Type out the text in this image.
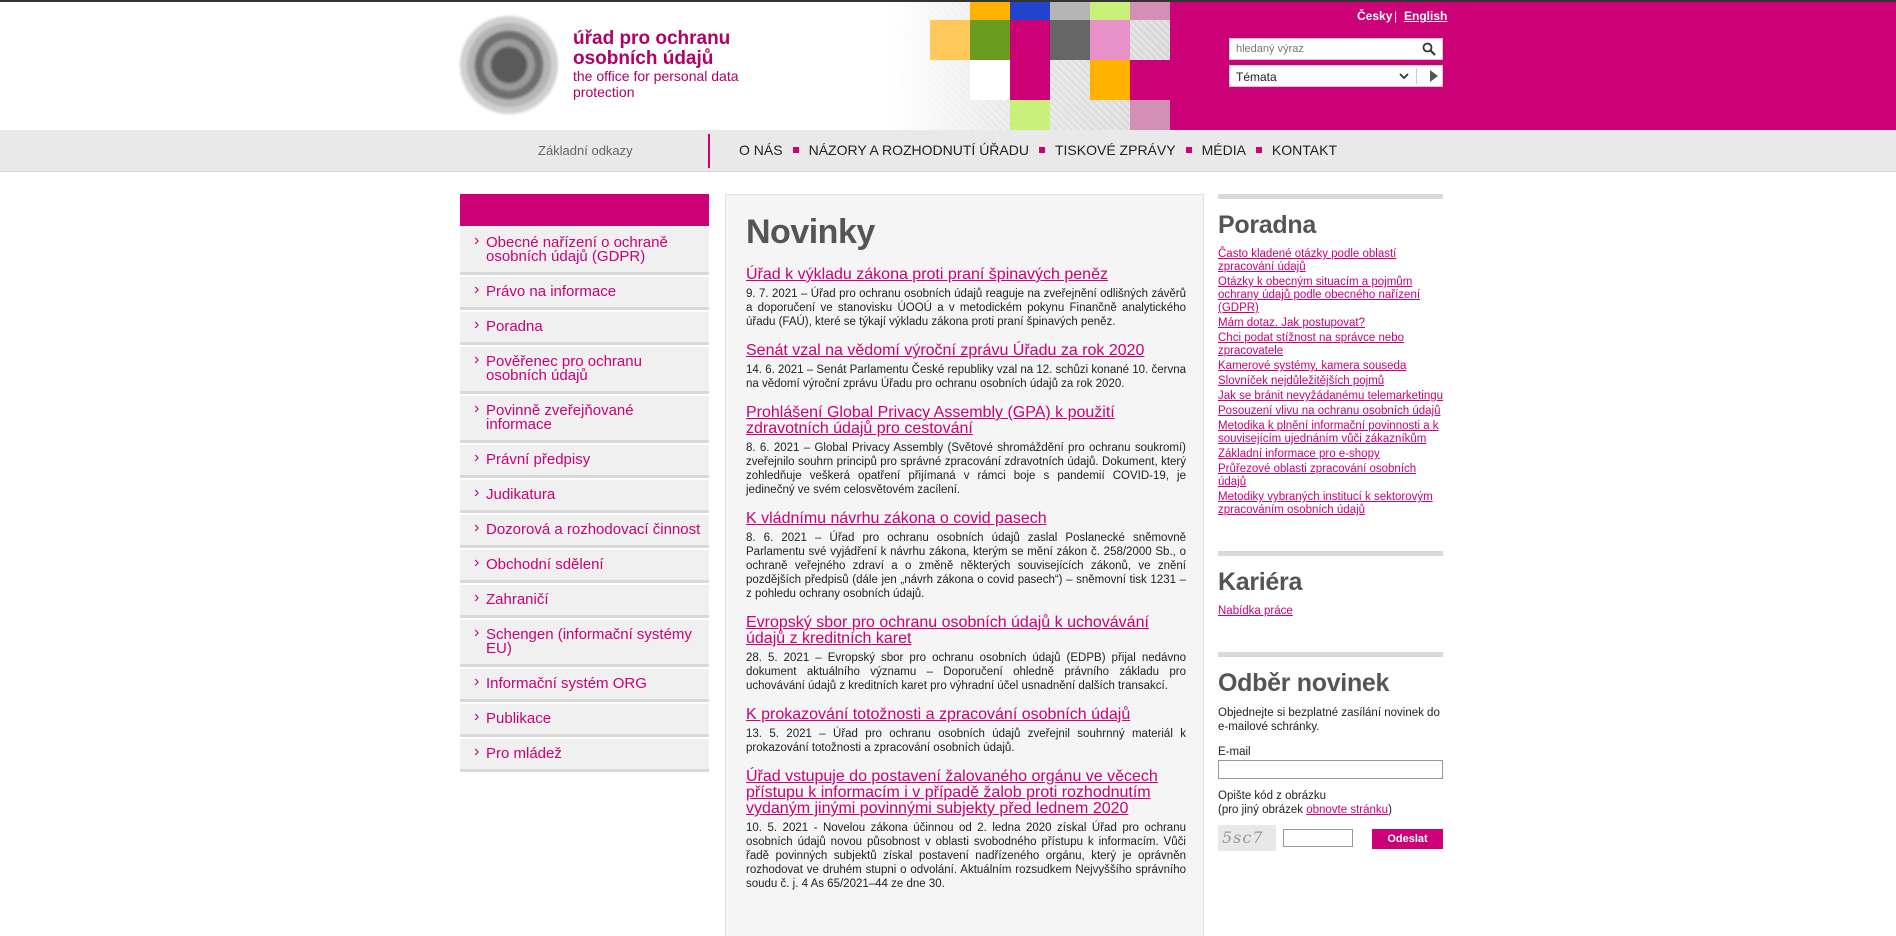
úřad pro ochranu osobních údajů
the office for personal data protection
Česky | English
hledaný výraz
Témata
Základní odkazy	O NÁS NÁZORY A ROZHODNUTÍ ÚŘADU TISKOVÉ ZPRÁVY MÉDIA KONTAKT
› Obecné nařízení o ochraně osobních údajů (GDPR)
› Právo na informace
› Poradna
› Pověřenec pro ochranu osobních údajů
› Povinně zveřejňované informace
› Právní předpisy
› Judikatura
› Dozorová a rozhodovací činnost
› Obchodní sdělení
› Zahraničí
› Schengen (informační systémy EU)
› Informační systém ORG
› Publikace
› Pro mládež
Novinky
Úřad k výkladu zákona proti praní špinavých peněz
9. 7. 2021 – Úřad pro ochranu osobních údajů reaguje na zveřejnění odlišných závěrů a doporučení ve stanovisku ÚOOÚ a v metodickém pokynu Finančně analytického úřadu (FAÚ), které se týkají výkladu zákona proti praní špinavých peněz.
Senát vzal na vědomí výroční zprávu Úřadu za rok 2020
14. 6. 2021 – Senát Parlamentu České republiky vzal na 12. schůzi konané 10. června na vědomí výroční zprávu Úřadu pro ochranu osobních údajů za rok 2020.
Prohlášení Global Privacy Assembly (GPA) k použití zdravotních údajů pro cestování
8. 6. 2021 – Global Privacy Assembly (Světové shromáždění pro ochranu soukromí) zveřejnilo souhrn principů pro správné zpracování zdravotních údajů. Dokument, který zohledňuje veškerá opatření přijímaná v rámci boje s pandemií COVID-19, je jedinečný ve svém celosvětovém zacílení.
K vládnímu návrhu zákona o covid pasech
8. 6. 2021 – Úřad pro ochranu osobních údajů zaslal Poslanecké sněmovně Parlamentu své vyjádření k návrhu zákona, kterým se mění zákon č. 258/2000 Sb., o ochraně veřejného zdraví a o změně některých souvisejících zákonů, ve znění pozdějších předpisů (dále jen „návrh zákona o covid pasech“) – sněmovní tisk 1231 – z pohledu ochrany osobních údajů.
Evropský sbor pro ochranu osobních údajů k uchovávání údajů z kreditních karet
28. 5. 2021 – Evropský sbor pro ochranu osobních údajů (EDPB) přijal nedávno dokument aktuálního významu – Doporučení ohledně právního základu pro uchovávání údajů z kreditních karet pro výhradní účel usnadnění dalších transakcí.
K prokazování totožnosti a zpracování osobních údajů
13. 5. 2021 – Úřad pro ochranu osobních údajů zveřejnil souhrnný materiál k prokazování totožnosti a zpracování osobních údajů.
Úřad vstupuje do postavení žalovaného orgánu ve věcech přístupu k informacím i v případě žalob proti rozhodnutím vydaným jinými povinnými subjekty před lednem 2020
10. 5. 2021 - Novelou zákona účinnou od 2. ledna 2020 získal Úřad pro ochranu osobních údajů novou působnost v oblasti svobodného přístupu k informacím. Vůči řadě povinných subjektů získal postavení nadřízeného orgánu, který je oprávněn rozhodovat ve druhém stupni o odvolání. Aktuálním rozsudkem Nejvyššího správního soudu č. j. 4 As 65/2021–44 ze dne 30.
Poradna
Často kladené otázky podle oblastí zpracování údajů
Otázky k obecným situacím a pojmům ochrany údajů podle obecného nařízení (GDPR)
Mám dotaz. Jak postupovat?
Chci podat stížnost na správce nebo zpracovatele
Kamerové systémy, kamera souseda
Slovníček nejdůležitějších pojmů
Jak se bránit nevyžádanému telemarketingu
Posouzení vlivu na ochranu osobních údajů
Metodika k plnění informační povinnosti a k souvisejícím ujednáním vůči zákazníkům
Základní informace pro e-shopy
Průřezové oblasti zpracování osobních údajů
Metodiky vybraných institucí k sektorovým zpracováním osobních údajů
Kariéra
Nabídka práce
Odběr novinek
Objednejte si bezplatné zasílání novinek do e-mailové schránky.
E-mail
Opište kód z obrázku
(pro jiný obrázek obnovte stránku)
5sc7	Odeslat
